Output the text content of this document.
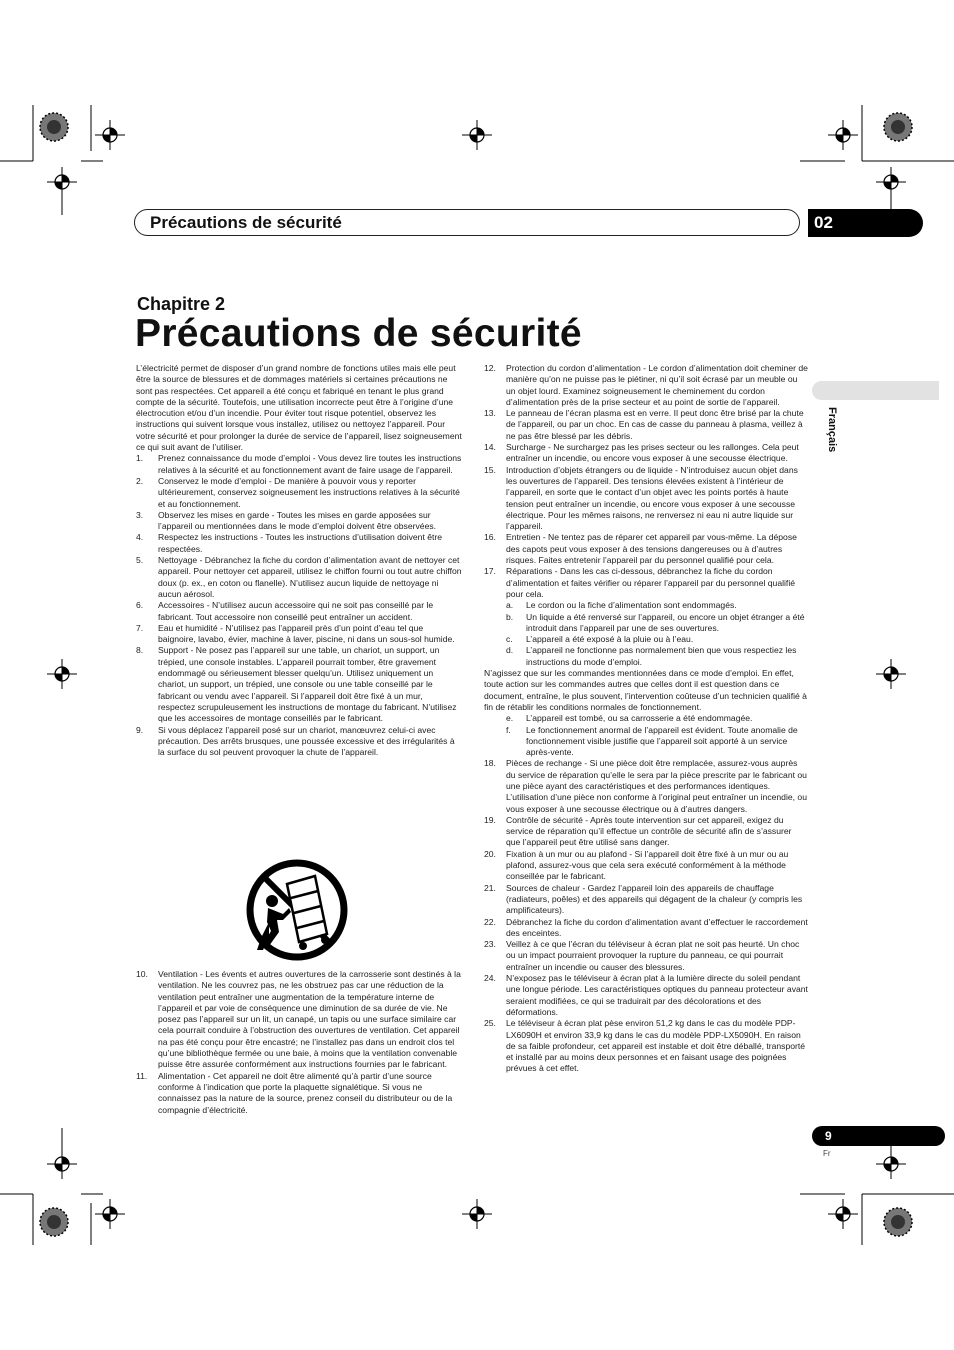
Précautions de sécurité	02
Chapitre 2
Précautions de sécurité
Français

L’électricité permet de disposer d’un grand nombre de fonctions utiles mais elle peut être la source de blessures et de dommages matériels si certaines précautions ne sont pas respectées. Cet appareil a été conçu et fabriqué en tenant le plus grand compte de la sécurité. Toutefois, une utilisation incorrecte peut être à l’origine d’une électrocution et/ou d’un incendie. Pour éviter tout risque potentiel, observez les instructions qui suivent lorsque vous installez, utilisez ou nettoyez l’appareil. Pour votre sécurité et pour prolonger la durée de service de l’appareil, lisez soigneusement ce qui suit avant de l’utiliser.

1.	Prenez connaissance du mode d’emploi - Vous devez lire toutes les instructions relatives à la sécurité et au fonctionnement avant de faire usage de l’appareil.
2.	Conservez le mode d’emploi - De manière à pouvoir vous y reporter ultérieurement, conservez soigneusement les instructions relatives à la sécurité et au fonctionnement.
3.	Observez les mises en garde - Toutes les mises en garde apposées sur l’appareil ou mentionnées dans le mode d’emploi doivent être observées.
4.	Respectez les instructions - Toutes les instructions d’utilisation doivent être respectées.
5.	Nettoyage - Débranchez la fiche du cordon d’alimentation avant de nettoyer cet appareil. Pour nettoyer cet appareil, utilisez le chiffon fourni ou tout autre chiffon doux (p. ex., en coton ou flanelle). N’utilisez aucun liquide de nettoyage ni aucun aérosol.
6.	Accessoires - N’utilisez aucun accessoire qui ne soit pas conseillé par le fabricant. Tout accessoire non conseillé peut entraîner un accident.
7.	Eau et humidité - N’utilisez pas l’appareil près d’un point d’eau tel que baignoire, lavabo, évier, machine à laver, piscine, ni dans un sous-sol humide.
8.	Support - Ne posez pas l’appareil sur une table, un chariot, un support, un trépied, une console instables. L’appareil pourrait tomber, être gravement endommagé ou sérieusement blesser quelqu’un. Utilisez uniquement un chariot, un support, un trépied, une console ou une table conseillé par le fabricant ou vendu avec l’appareil. Si l’appareil doit être fixé à un mur, respectez scrupuleusement les instructions de montage du fabricant. N’utilisez que les accessoires de montage conseillés par le fabricant.
9.	Si vous déplacez l’appareil posé sur un chariot, manœuvrez celui-ci avec précaution. Des arrêts brusques, une poussée excessive et des irrégularités à la surface du sol peuvent provoquer la chute de l’appareil.
10.	Ventilation - Les évents et autres ouvertures de la carrosserie sont destinés à la ventilation. Ne les couvrez pas, ne les obstruez pas car une réduction de la ventilation peut entraîner une augmentation de la température interne de l’appareil et par voie de conséquence une diminution de sa durée de vie. Ne posez pas l’appareil sur un lit, un canapé, un tapis ou une surface similaire car cela pourrait conduire à l’obstruction des ouvertures de ventilation. Cet appareil na pas été conçu pour être encastré; ne l’installez pas dans un endroit clos tel qu’une bibliothèque fermée ou une baie, à moins que la ventilation convenable puisse être assurée conformément aux instructions fournies par le fabricant.
11.	Alimentation - Cet appareil ne doit être alimenté qu’à partir d’une source conforme à l’indication que porte la plaquette signalétique. Si vous ne connaissez pas la nature de la source, prenez conseil du distributeur ou de la compagnie d’électricité.
12.	Protection du cordon d’alimentation - Le cordon d’alimentation doit cheminer de manière qu’on ne puisse pas le piétiner, ni qu’il soit écrasé par un meuble ou un objet lourd. Examinez soigneusement le cheminement du cordon d’alimentation près de la prise secteur et au point de sortie de l’appareil.
13.	Le panneau de l’écran plasma est en verre. Il peut donc être brisé par la chute de l’appareil, ou par un choc. En cas de casse du panneau à plasma, veillez à ne pas être blessé par les débris.
14.	Surcharge - Ne surchargez pas les prises secteur ou les rallonges. Cela peut entraîner un incendie, ou encore vous exposer à une secousse électrique.
15.	Introduction d’objets étrangers ou de liquide - N’introduisez aucun objet dans les ouvertures de l’appareil. Des tensions élevées existent à l’intérieur de l’appareil, en sorte que le contact d’un objet avec les points portés à haute tension peut entraîner un incendie, ou encore vous exposer à une secousse électrique. Pour les mêmes raisons, ne renversez ni eau ni autre liquide sur l’appareil.
16.	Entretien - Ne tentez pas de réparer cet appareil par vous-même. La dépose des capots peut vous exposer à des tensions dangereuses ou à d’autres risques. Faites entretenir l’appareil par du personnel qualifié pour cela.
17.	Réparations - Dans les cas ci-dessous, débranchez la fiche du cordon d’alimentation et faites vérifier ou réparer l’appareil par du personnel qualifié pour cela.
a.	Le cordon ou la fiche d’alimentation sont endommagés.
b.	Un liquide a été renversé sur l’appareil, ou encore un objet étranger a été introduit dans l’appareil par une de ses ouvertures.
c.	L’appareil a été exposé à la pluie ou à l’eau.
d.	L’appareil ne fonctionne pas normalement bien que vous respectiez les instructions du mode d’emploi.

N’agissez que sur les commandes mentionnées dans ce mode d’emploi. En effet, toute action sur les commandes autres que celles dont il est question dans ce document, entraîne, le plus souvent, l’intervention coûteuse d’un technicien qualifié à fin de rétablir les conditions normales de fonctionnement.

e.	L’appareil est tombé, ou sa carrosserie a été endommagée.
f.	Le fonctionnement anormal de l’appareil est évident. Toute anomalie de fonctionnement visible justifie que l’appareil soit apporté à un service après-vente.
18.	Pièces de rechange - Si une pièce doit être remplacée, assurez-vous auprès du service de réparation qu’elle le sera par la pièce prescrite par le fabricant ou une pièce ayant des caractéristiques et des performances identiques. L’utilisation d’une pièce non conforme à l’original peut entraîner un incendie, ou vous exposer à une secousse électrique ou à d’autres dangers.
19.	Contrôle de sécurité - Après toute intervention sur cet appareil, exigez du service de réparation qu’il effectue un contrôle de sécurité afin de s’assurer que l’appareil peut être utilisé sans danger.
20.	Fixation à un mur ou au plafond - Si l’appareil doit être fixé à un mur ou au plafond, assurez-vous que cela sera exécuté conformément à la méthode conseillée par le fabricant.
21.	Sources de chaleur - Gardez l’appareil loin des appareils de chauffage (radiateurs, poêles) et des appareils qui dégagent de la chaleur (y compris les amplificateurs).
22.	Débranchez la fiche du cordon d’alimentation avant d’effectuer le raccordement des enceintes.
23.	Veillez à ce que l’écran du téléviseur à écran plat ne soit pas heurté. Un choc ou un impact pourraient provoquer la rupture du panneau, ce qui pourrait entraîner un incendie ou causer des blessures.
24.	N’exposez pas le téléviseur à écran plat à la lumière directe du soleil pendant une longue période. Les caractéristiques optiques du panneau protecteur avant seraient modifiées, ce qui se traduirait par des décolorations et des déformations.
25.	Le téléviseur à écran plat pèse environ 51,2 kg dans le cas du modèle PDP-LX6090H et environ 33,9 kg dans le cas du modèle PDP-LX5090H. En raison de sa faible profondeur, cet appareil est instable et doit être déballé, transporté et installé par au moins deux personnes et en faisant usage des poignées prévues à cet effet.
9
Fr
